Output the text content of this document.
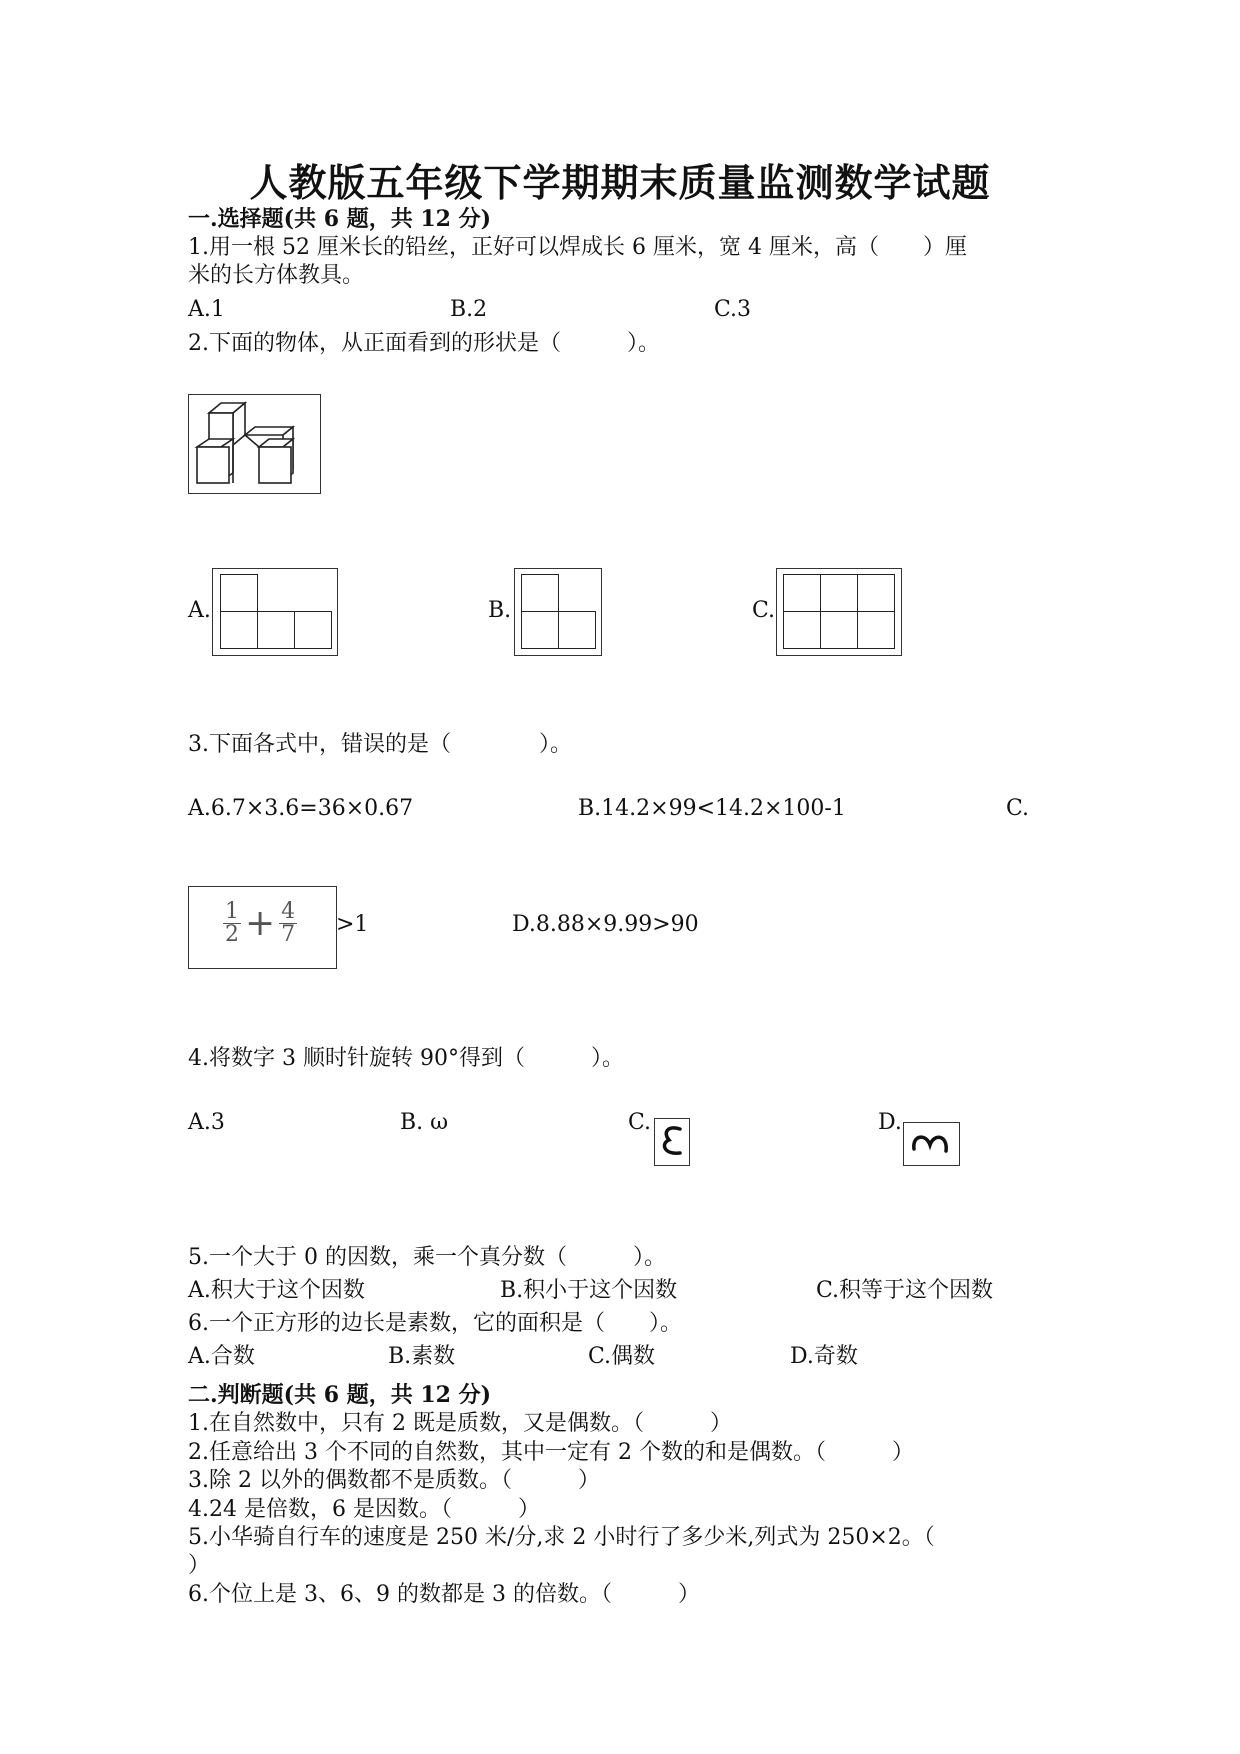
人教版五年级下学期期末质量监测数学试题
一.选择题(共 6 题，共 12 分)
1.用一根 52 厘米长的铅丝，正好可以焊成长 6 厘米，宽 4 厘米，高（　　）厘
米的长方体教具。
A.1	B.2	C.3
2.下面的物体，从正面看到的形状是（　　　）。
A.	B.	C.
3.下面各式中，错误的是（　　　　）。
A.6.7×3.6=36×0.67	B.14.2×99<14.2×100-1	C.
$\frac{1}{2} + \frac{4}{7} >1$	D.8.88×9.99>90
4.将数字 3 顺时针旋转 90°得到（　　　）。
A.3	B. ω	C.	D.
5.一个大于 0 的因数，乘一个真分数（　　　）。
A.积大于这个因数	B.积小于这个因数	C.积等于这个因数
6.一个正方形的边长是素数，它的面积是（　　）。
A.合数	B.素数	C.偶数	D.奇数
二.判断题(共 6 题，共 12 分)
1.在自然数中，只有 2 既是质数，又是偶数。（　　　）
2.任意给出 3 个不同的自然数，其中一定有 2 个数的和是偶数。（　　　）
3.除 2 以外的偶数都不是质数。（　　　）
4.24 是倍数，6 是因数。（　　　）
5.小华骑自行车的速度是 250 米/分,求 2 小时行了多少米,列式为 250×2。（
）
6.个位上是 3、6、9 的数都是 3 的倍数。（　　　）
